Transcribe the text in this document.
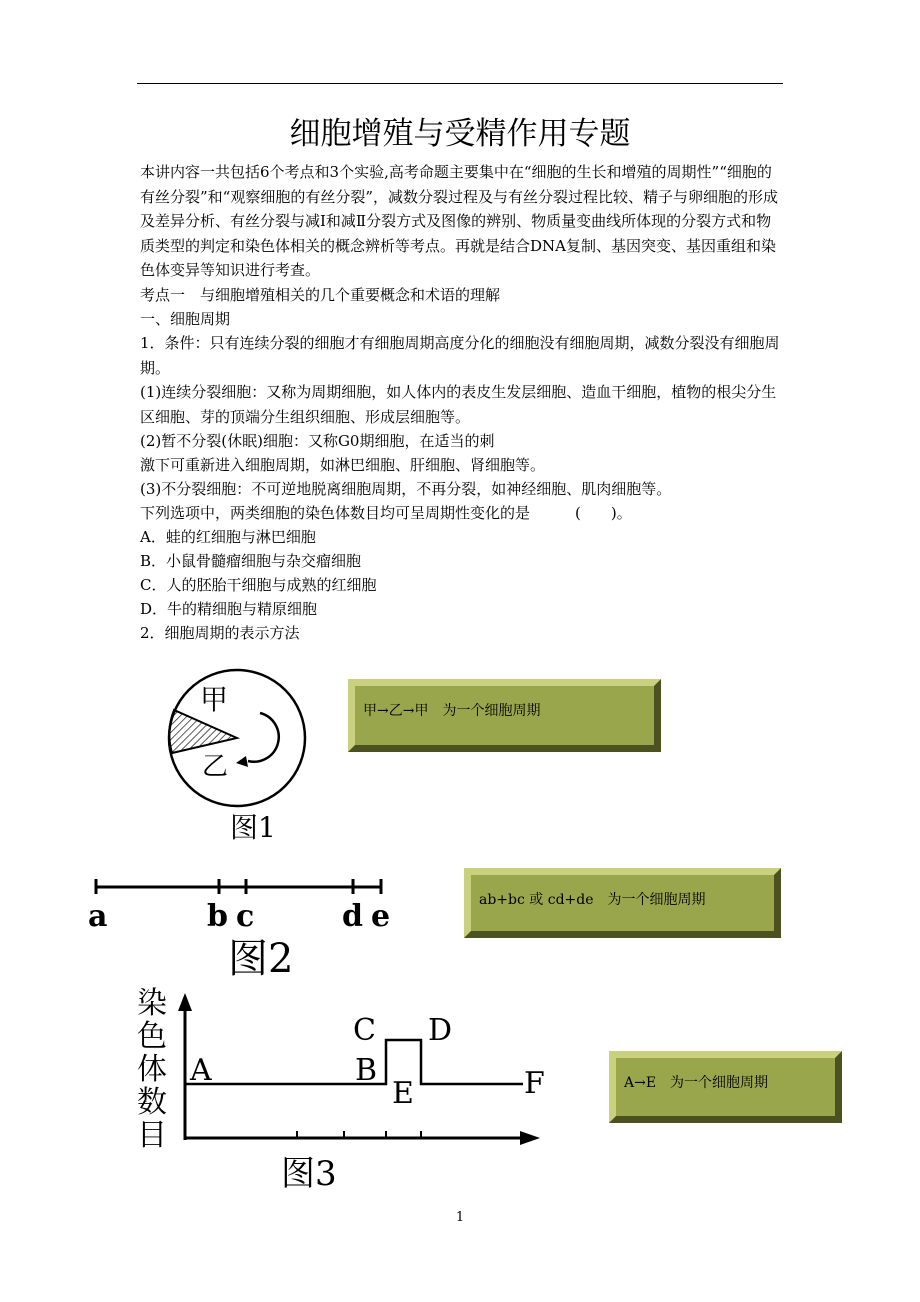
细胞增殖与受精作用专题
本讲内容一共包括6个考点和3个实验,高考命题主要集中在“细胞的生长和增殖的周期性”“细胞的有丝分裂”和“观察细胞的有丝分裂”，减数分裂过程及与有丝分裂过程比较、精子与卵细胞的形成及差异分析、有丝分裂与减Ⅰ和减Ⅱ分裂方式及图像的辨别、物质量变曲线所体现的分裂方式和物质类型的判定和染色体相关的概念辨析等考点。再就是结合DNA复制、基因突变、基因重组和染色体变异等知识进行考查。
考点一　与细胞增殖相关的几个重要概念和术语的理解
一、细胞周期
1．条件：只有连续分裂的细胞才有细胞周期高度分化的细胞没有细胞周期，减数分裂没有细胞周期。
(1)连续分裂细胞：又称为周期细胞，如人体内的表皮生发层细胞、造血干细胞，植物的根尖分生区细胞、芽的顶端分生组织细胞、形成层细胞等。
(2)暂不分裂(休眠)细胞：又称G0期细胞，在适当的刺
激下可重新进入细胞周期，如淋巴细胞、肝细胞、肾细胞等。
(3)不分裂细胞：不可逆地脱离细胞周期，不再分裂，如神经细胞、肌肉细胞等。
下列选项中，两类细胞的染色体数目均可呈周期性变化的是　　　(　　)。
A．蛙的红细胞与淋巴细胞
B．小鼠骨髓瘤细胞与杂交瘤细胞
C．人的胚胎干细胞与成熟的红细胞
D．牛的精细胞与精原细胞
2．细胞周期的表示方法
甲
乙
图1
甲→乙→甲　为一个细胞周期
a	b c	d e
图2
ab+bc 或 cd+de　为一个细胞周期
染
色
体
数
目
A	B
C D
E	F
图3
A→E　为一个细胞周期
1
